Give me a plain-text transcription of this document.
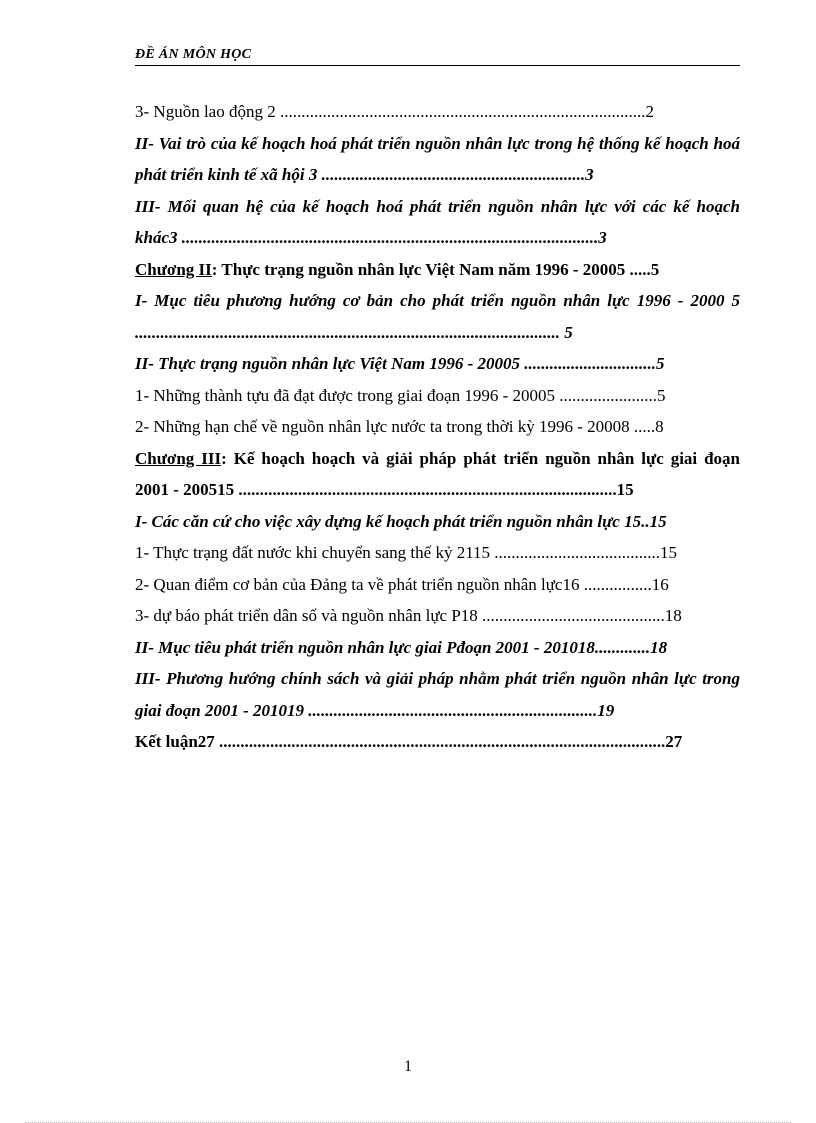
ĐỀ ÁN MÔN HỌC
3- Nguồn lao động 2 ......................................................................................2
II- Vai trò của kế hoạch hoá phát triển nguồn nhân lực trong hệ thống kế hoạch hoá phát triển kinh tế xã hội 3 ..............................................................3
III- Mối quan hệ của kế hoạch hoá phát triển nguồn nhân lực với các kế hoạch khác3 ..................................................................................................3
Chương II: Thực trạng nguồn nhân lực Việt Nam năm 1996 - 20005 .....5
I- Mục tiêu phương hướng cơ bản cho phát triển nguồn nhân lực 1996 - 2000 5 .................................................................................................... 5
II- Thực trạng nguồn nhân lực Việt Nam 1996 - 20005 ...............................5
1- Những thành tựu đã đạt được trong giai đoạn 1996 - 20005 .......................5
2- Những hạn chế về nguồn nhân lực nước ta trong thời kỳ 1996 - 20008 .....8
Chương III: Kế hoạch hoạch và giải pháp phát triển nguồn nhân lực giai đoạn 2001 - 200515 .........................................................................................15
I- Các căn cứ cho việc xây dựng kế hoạch phát triển nguồn nhân lực 15..15
1- Thực trạng đất nước khi chuyển sang thế kỷ 2115 .......................................15
2- Quan điểm cơ bản của Đảng ta về phát triển nguồn nhân lực16 ................16
3- dự báo phát triển dân số và nguồn nhân lực P18 ...........................................18
II- Mục tiêu phát triển nguồn nhân lực giai Pđoạn 2001 - 201018.............18
III- Phương hướng chính sách và giải pháp nhằm phát triển nguồn nhân lực trong giai đoạn 2001 - 201019 ....................................................................19
Kết luận27 .........................................................................................................27
1
